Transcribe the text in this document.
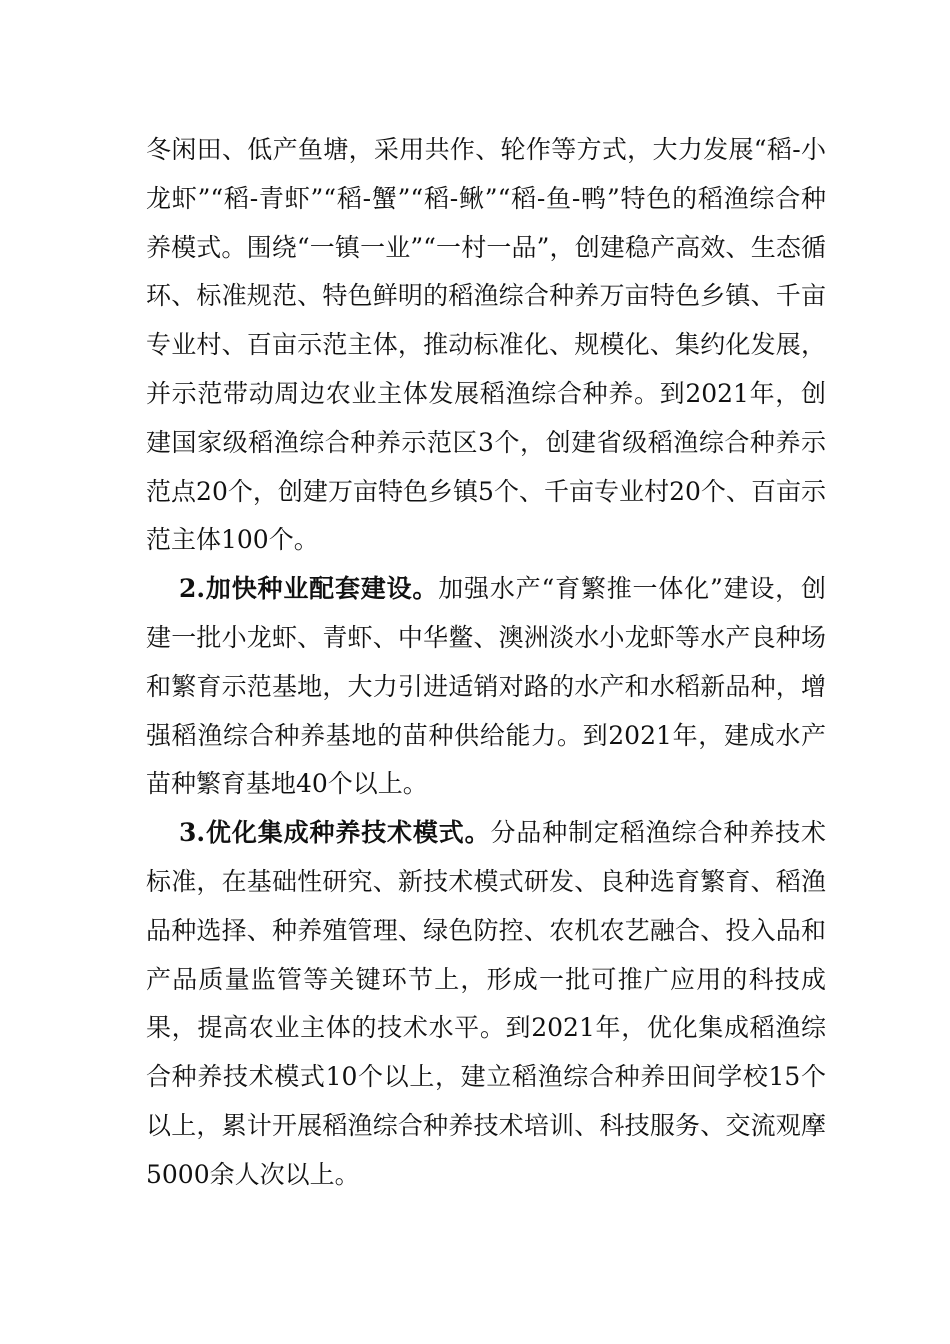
冬闲田、低产鱼塘，采用共作、轮作等方式，大力发展“稻-小龙虾”“稻-青虾”“稻-蟹”“稻-鳅”“稻-鱼-鸭”特色的稻渔综合种养模式。围绕“一镇一业”“一村一品”，创建稳产高效、生态循环、标准规范、特色鲜明的稻渔综合种养万亩特色乡镇、千亩专业村、百亩示范主体，推动标准化、规模化、集约化发展，并示范带动周边农业主体发展稻渔综合种养。到2021年，创建国家级稻渔综合种养示范区3个，创建省级稻渔综合种养示范点20个，创建万亩特色乡镇5个、千亩专业村20个、百亩示范主体100个。

2.加快种业配套建设。加强水产“育繁推一体化”建设，创建一批小龙虾、青虾、中华鳖、澳洲淡水小龙虾等水产良种场和繁育示范基地，大力引进适销对路的水产和水稻新品种，增强稻渔综合种养基地的苗种供给能力。到2021年，建成水产苗种繁育基地40个以上。

3.优化集成种养技术模式。分品种制定稻渔综合种养技术标准，在基础性研究、新技术模式研发、良种选育繁育、稻渔品种选择、种养殖管理、绿色防控、农机农艺融合、投入品和产品质量监管等关键环节上，形成一批可推广应用的科技成果，提高农业主体的技术水平。到2021年，优化集成稻渔综合种养技术模式10个以上，建立稻渔综合种养田间学校15个以上，累计开展稻渔综合种养技术培训、科技服务、交流观摩5000余人次以上。
